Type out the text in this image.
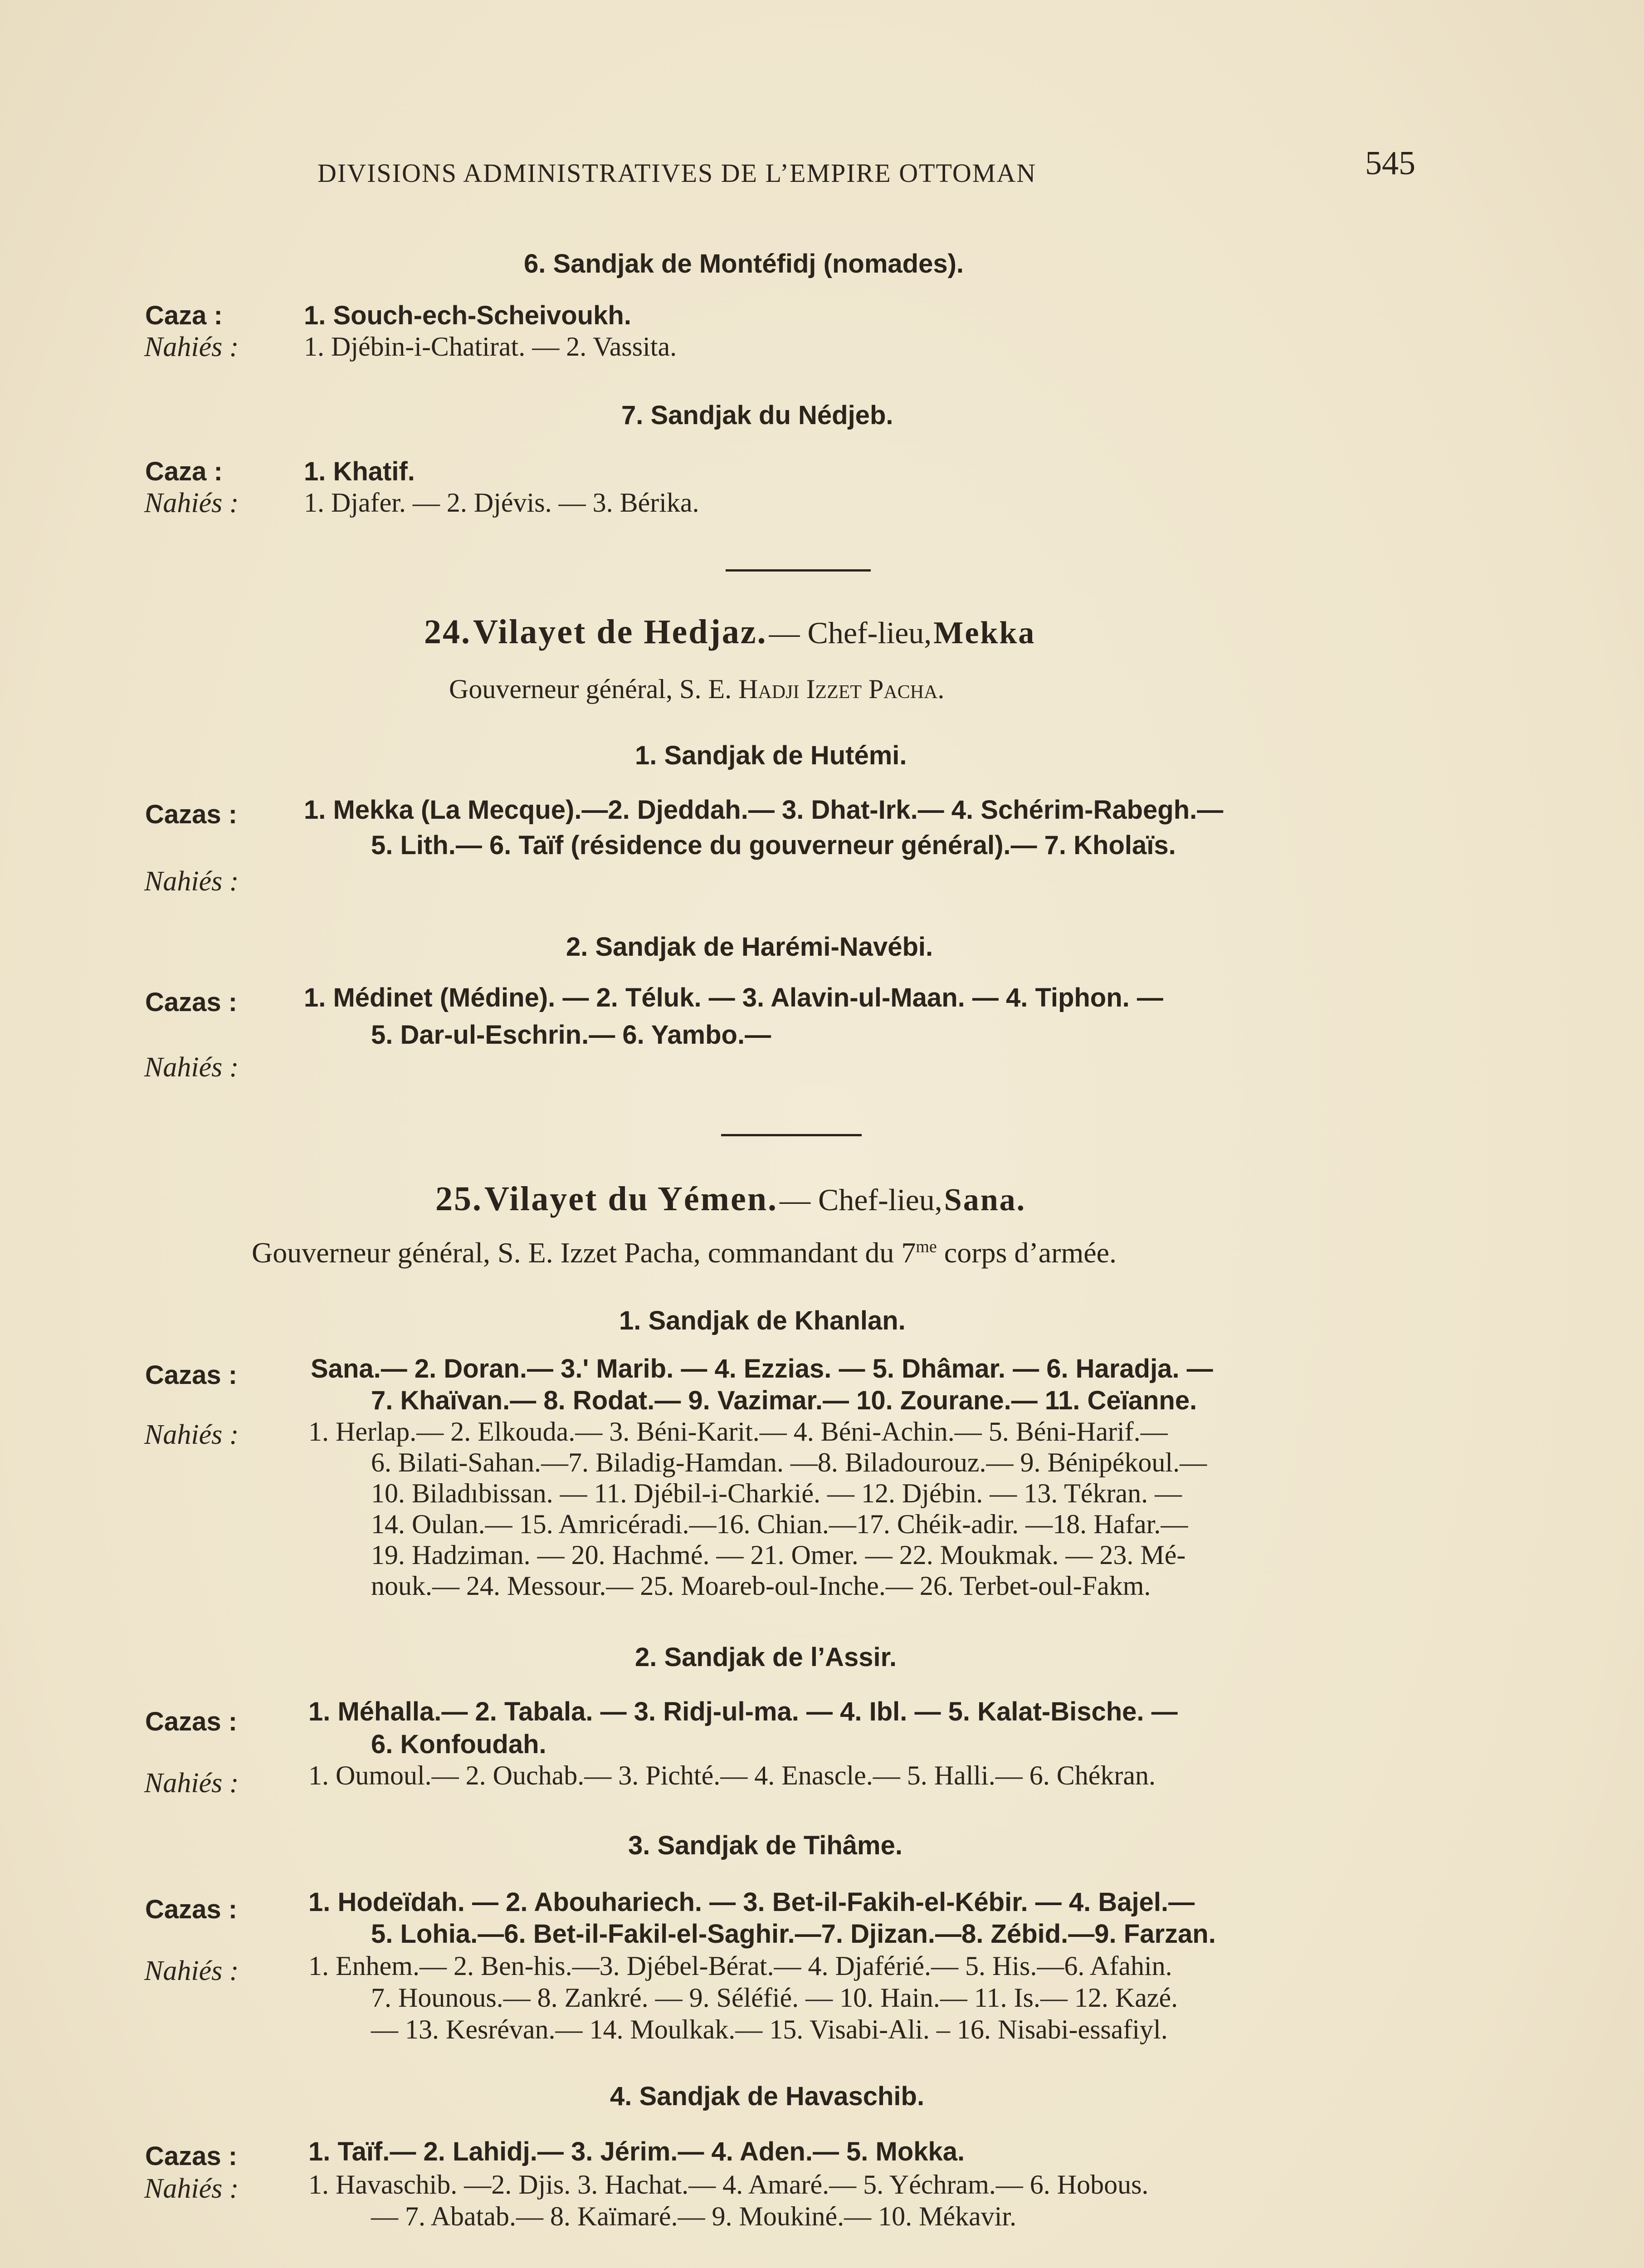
DIVISIONS ADMINISTRATIVES DE L’EMPIRE OTTOMAN	545
6. Sandjak de Montéfidj (nomades).
Caza :	1. Souch-ech-Scheivoukh.
Nahiés : 1. Djébin-i-Chatirat. — 2. Vassita.
7. Sandjak du Nédjeb.
Caza :	1. Khatif.
Nahiés : 1. Djafer. — 2. Djévis. — 3. Bérika.
24. Vilayet de Hedjaz. — Chef-lieu, Mekka
Gouverneur général, S. E. Hadji Izzet Pacha.
1. Sandjak de Hutémi.
Cazas :	1. Mekka (La Mecque).—2. Djeddah.— 3. Dhat-Irk.— 4. Schérim-Rabegh.—
5. Lith.— 6. Taïf (résidence du gouverneur général).— 7. Kholaïs.
Nahiés :
2. Sandjak de Harémi-Navébi.
Cazas :	1. Médinet (Médine). — 2. Téluk. — 3. Alavin-ul-Maan. — 4. Tiphon. —
5. Dar-ul-Eschrin.— 6. Yambo.—
Nahiés :
25. Vilayet du Yémen. — Chef-lieu, Sana.
Gouverneur général, S. E. Izzet Pacha, commandant du $7^{me}$ corps d’armée.
1. Sandjak de Khanlan.
Cazas :	Sana.— 2. Doran.— 3.' Marib. — 4. Ezzias. — 5. Dhâmar. — 6. Haradja. —
7. Khaïvan.— 8. Rodat.— 9. Vazimar.— 10. Zourane.— 11. Ceïanne.
Nahiés :	1. Herlap.— 2. Elkouda.— 3. Béni-Karit.— 4. Béni-Achin.— 5. Béni-Harif.—
6. Bilati-Sahan.—7. Biladig-Hamdan. —8. Biladourouz.— 9. Bénipékoul.—
10. Biladıbissan. — 11. Djébil-i-Charkié. — 12. Djébin. — 13. Tékran. —
14. Oulan.— 15. Amricéradi.—16. Chian.—17. Chéik-adir. —18. Hafar.—
19. Hadziman. — 20. Hachmé. — 21. Omer. — 22. Moukmak. — 23. Mé-
nouk.— 24. Messour.— 25. Moareb-oul-Inche.— 26. Terbet-oul-Fakm.
2. Sandjak de l’Assir.
Cazas :	1. Méhalla.— 2. Tabala. — 3. Ridj-ul-ma. — 4. Ibl. — 5. Kalat-Bische. —
6. Konfoudah.
Nahiés :	1. Oumoul.— 2. Ouchab.— 3. Pichté.— 4. Enascle.— 5. Halli.— 6. Chékran.
3. Sandjak de Tihâme.
Cazas :	1. Hodeïdah. — 2. Abouhariech. — 3. Bet-il-Fakih-el-Kébir. — 4. Bajel.—
5. Lohia.—6. Bet-il-Fakil-el-Saghir.—7. Djizan.—8. Zébid.—9. Farzan.
Nahiés :	1. Enhem.— 2. Ben-his.—3. Djébel-Bérat.— 4. Djaférié.— 5. His.—6. Afahin.
7. Hounous.— 8. Zankré. — 9. Séléfié. — 10. Hain.— 11. Is.— 12. Kazé.
— 13. Kesrévan.— 14. Moulkak.— 15. Visabi-Ali. – 16. Nisabi-essafiyl.
4. Sandjak de Havaschib.
Cazas :	1. Taïf.— 2. Lahidj.— 3. Jérim.— 4. Aden.— 5. Mokka.
Nahiés :	1. Havaschib. —2. Djis. 3. Hachat.— 4. Amaré.— 5. Yéchram.— 6. Hobous.
— 7. Abatab.— 8. Kaïmaré.— 9. Moukiné.— 10. Mékavir.
